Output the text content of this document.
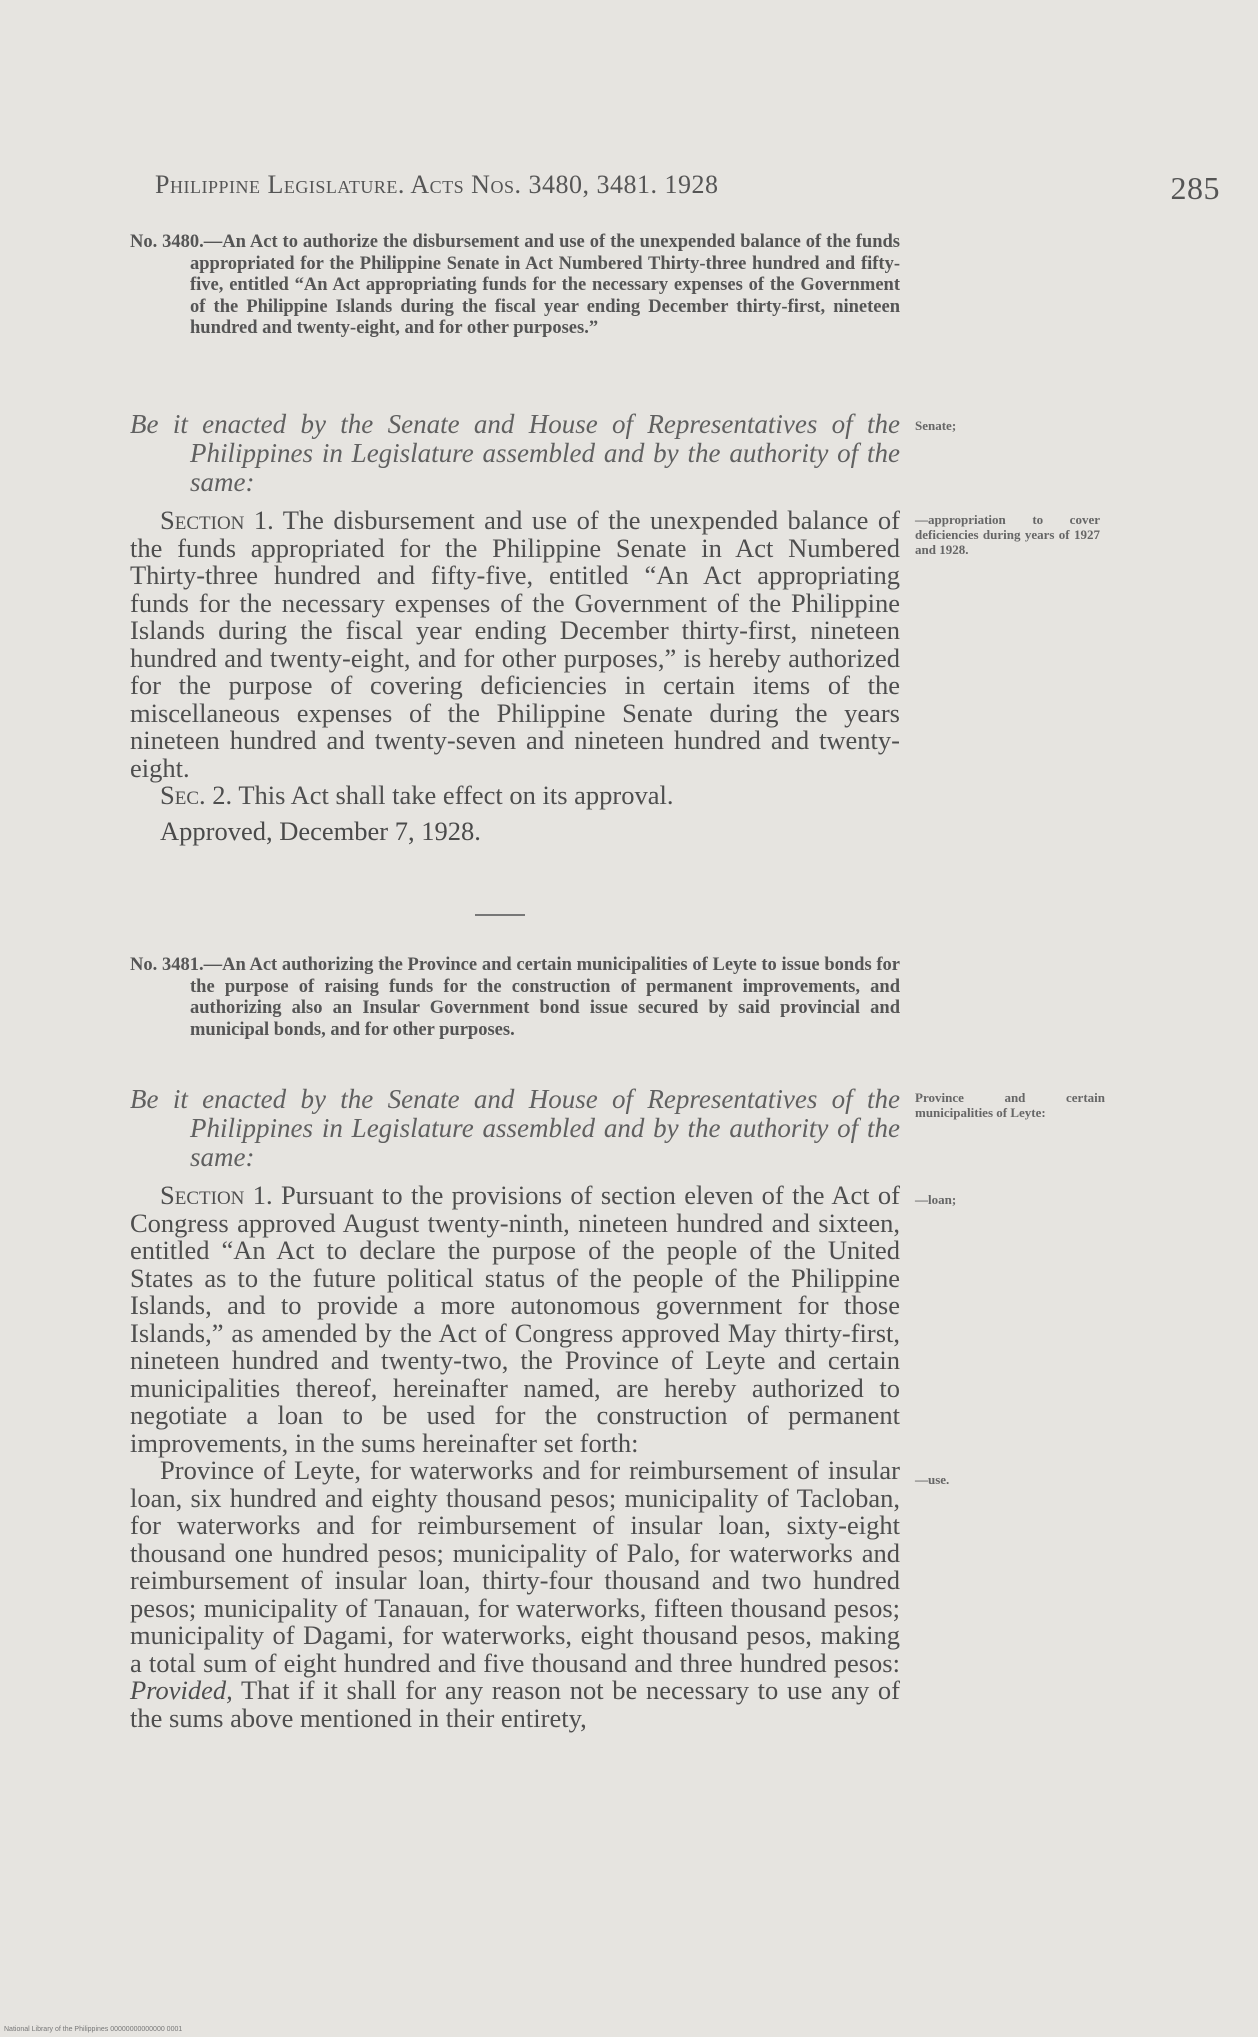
Philippine Legislature. Acts Nos. 3480, 3481. 1928	285

No. 3480.—An Act to authorize the disbursement and use of the unexpended balance of the funds appropriated for the Philippine Senate in Act Numbered Thirty-three hundred and fifty-five, entitled “An Act appropriating funds for the necessary expenses of the Government of the Philippine Islands during the fiscal year ending December thirty-first, nineteen hundred and twenty-eight, and for other purposes.”

Be it enacted by the Senate and House of Representatives of the Philippines in Legislature assembled and by the authority of the same:

Section 1. The disbursement and use of the unexpended balance of the funds appropriated for the Philippine Senate in Act Numbered Thirty-three hundred and fifty-five, entitled “An Act appropriating funds for the necessary expenses of the Government of the Philippine Islands during the fiscal year ending December thirty-first, nineteen hundred and twenty-eight, and for other purposes,” is hereby authorized for the purpose of covering deficiencies in certain items of the miscellaneous expenses of the Philippine Senate during the years nineteen hundred and twenty-seven and nineteen hundred and twenty-eight.
Sec. 2. This Act shall take effect on its approval.

Approved, December 7, 1928.

No. 3481.—An Act authorizing the Province and certain municipalities of Leyte to issue bonds for the purpose of raising funds for the construction of permanent improvements, and authorizing also an Insular Government bond issue secured by said provincial and municipal bonds, and for other purposes.

Be it enacted by the Senate and House of Representatives of the Philippines in Legislature assembled and by the authority of the same:

Section 1. Pursuant to the provisions of section eleven of the Act of Congress approved August twenty-ninth, nineteen hundred and sixteen, entitled “An Act to declare the purpose of the people of the United States as to the future political status of the people of the Philippine Islands, and to provide a more autonomous government for those Islands,” as amended by the Act of Congress approved May thirty-first, nineteen hundred and twenty-two, the Province of Leyte and certain municipalities thereof, hereinafter named, are hereby authorized to negotiate a loan to be used for the construction of permanent improvements, in the sums hereinafter set forth:
Province of Leyte, for waterworks and for reimbursement of insular loan, six hundred and eighty thousand pesos; municipality of Tacloban, for waterworks and for reimbursement of insular loan, sixty-eight thousand one hundred pesos; municipality of Palo, for waterworks and reimbursement of insular loan, thirty-four thousand and two hundred pesos; municipality of Tanauan, for waterworks, fifteen thousand pesos; municipality of Dagami, for waterworks, eight thousand pesos, making a total sum of eight hundred and five thousand and three hundred pesos: Provided, That if it shall for any reason not be necessary to use any of the sums above mentioned in their entirety,

Senate;
—appropriation to cover deficiencies during years of 1927 and 1928.
Province and certain municipalities of Leyte:
—loan;
—use.
National Library of the Philippines 00000000000000 0001
